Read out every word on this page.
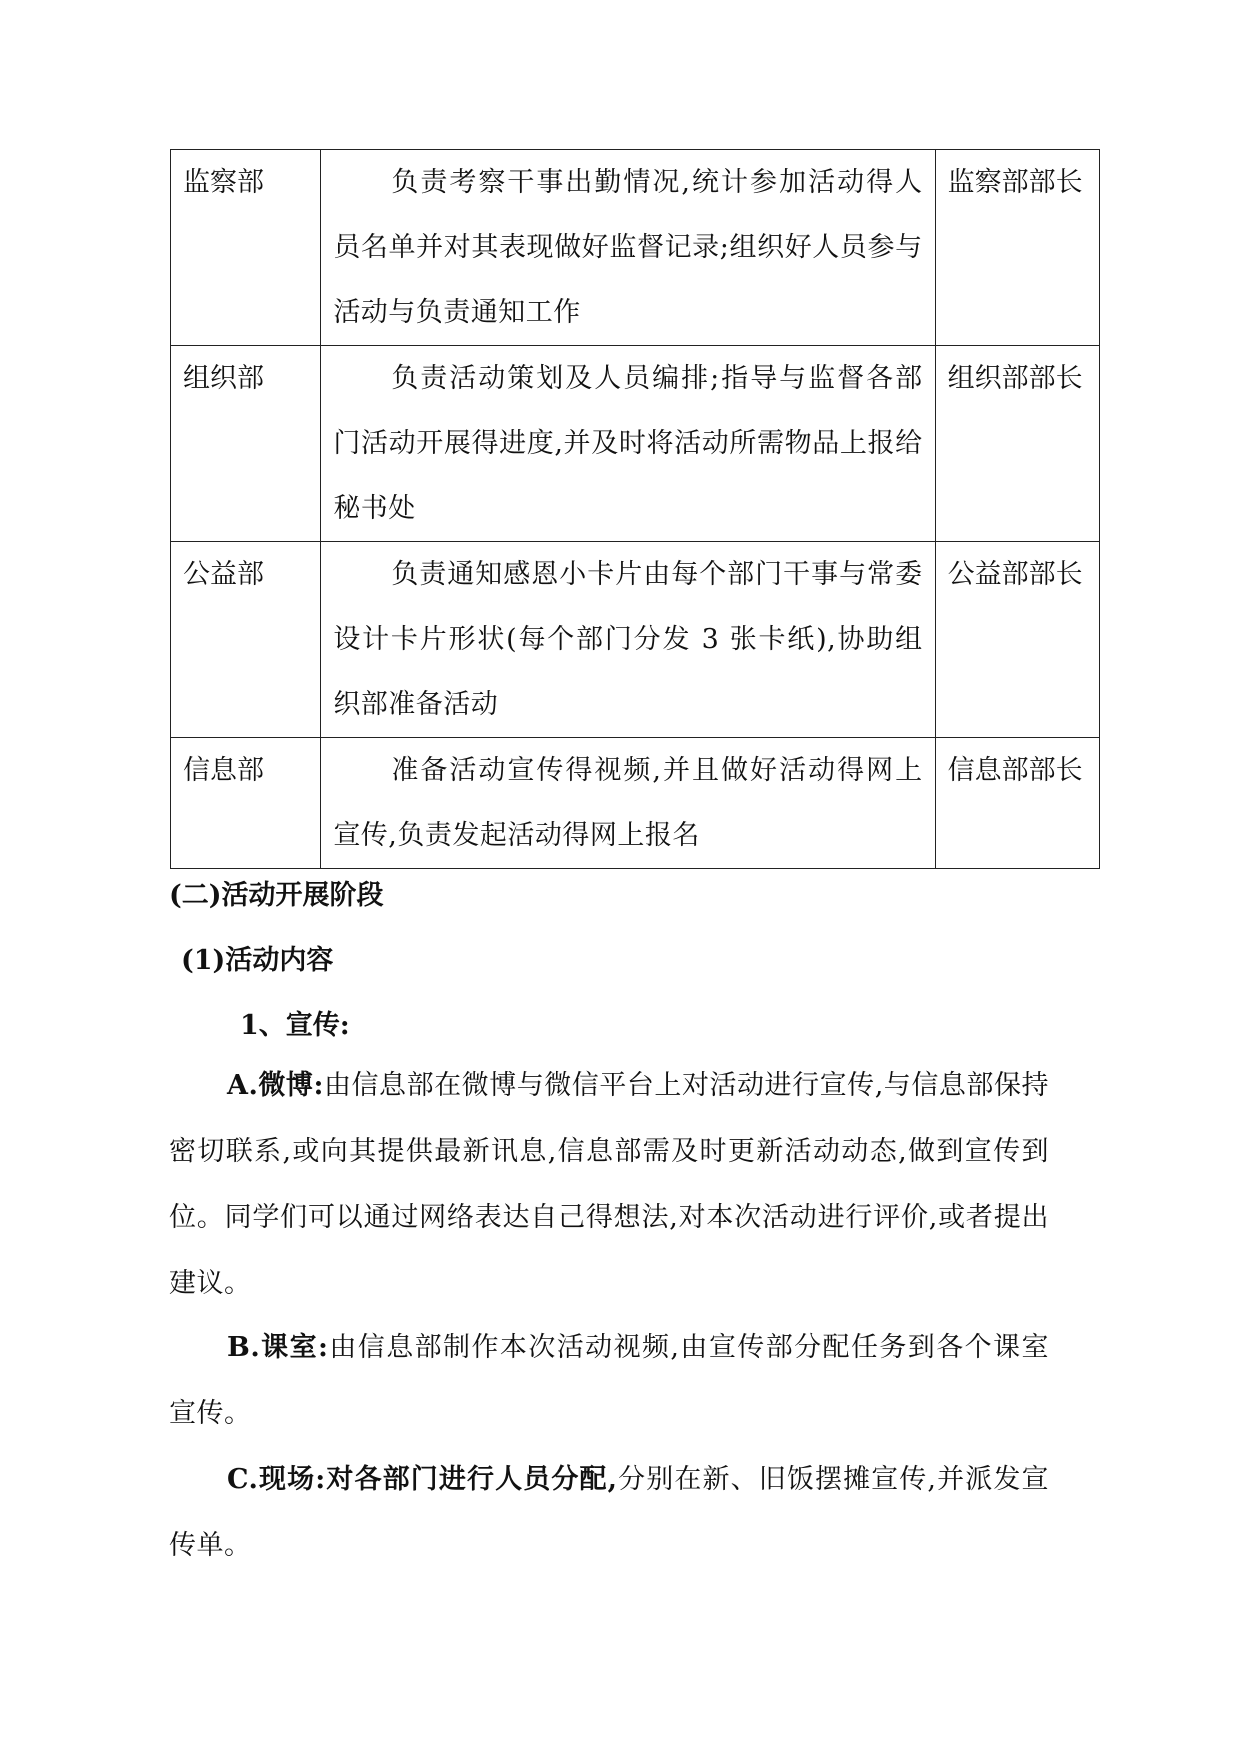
监察部	负责考察干事出勤情况,统计参加活动得人员名单并对其表现做好监督记录;组织好人员参与活动与负责通知工作	监察部部长
组织部	负责活动策划及人员编排;指导与监督各部门活动开展得进度,并及时将活动所需物品上报给秘书处	组织部部长
公益部	负责通知感恩小卡片由每个部门干事与常委设计卡片形状(每个部门分发 3 张卡纸),协助组织部准备活动	公益部部长
信息部	准备活动宣传得视频,并且做好活动得网上宣传,负责发起活动得网上报名	信息部部长
(二)活动开展阶段
(1)活动内容
1、宣传:
A.微博:由信息部在微博与微信平台上对活动进行宣传,与信息部保持密切联系,或向其提供最新讯息,信息部需及时更新活动动态,做到宣传到位。同学们可以通过网络表达自己得想法,对本次活动进行评价,或者提出建议。
B.课室:由信息部制作本次活动视频,由宣传部分配任务到各个课室宣传。
C.现场:对各部门进行人员分配,分别在新、旧饭摆摊宣传,并派发宣传单。
